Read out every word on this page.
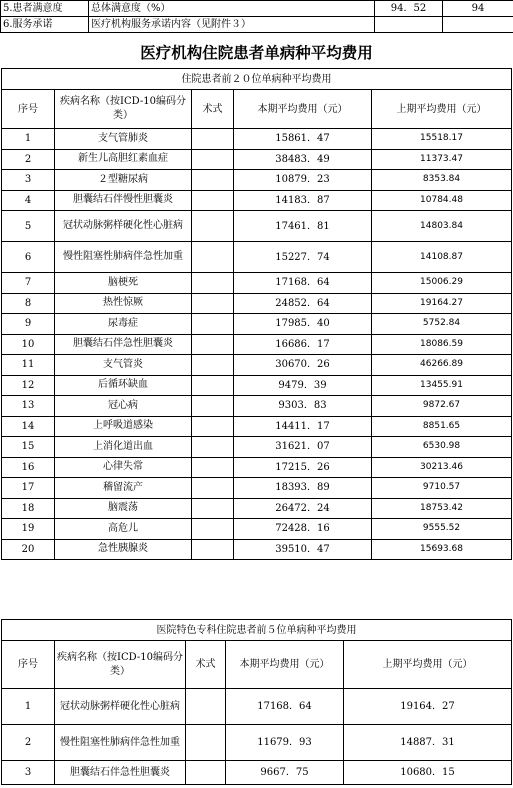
5.患者满意度	总体满意度（%）	94．52	94
6.服务承诺	医疗机构服务承诺内容（见附件３）		
医疗机构住院患者单病种平均费用
住院患者前２０位单病种平均费用				
序号	疾病名称（按ICD-10编码分类）	术式	本期平均费用（元）	上期平均费用（元）
1	支气管肺炎		15861．47	15518.17
2	新生儿高胆红素血症		38483．49	11373.47
3	２型糖尿病		10879．23	8353.84
4	胆囊结石伴慢性胆囊炎		14183．87	10784.48
5	冠状动脉粥样硬化性心脏病		17461．81	14803.84
6	慢性阻塞性肺病伴急性加重		15227．74	14108.87
7	脑梗死		17168．64	15006.29
8	热性惊厥		24852．64	19164.27
9	尿毒症		17985．40	5752.84
10	胆囊结石伴急性胆囊炎		16686．17	18086.59
11	支气管炎		30670．26	46266.89
12	后循环缺血		9479．39	13455.91
13	冠心病		9303．83	9872.67
14	上呼吸道感染		14411．17	8851.65
15	上消化道出血		31621．07	6530.98
16	心律失常		17215．26	30213.46
17	稽留流产		18393．89	9710.57
18	脑震荡		26472．24	18753.42
19	高危儿		72428．16	9555.52
20	急性胰腺炎		39510．47	15693.68
医院特色专科住院患者前５位单病种平均费用				
序号	疾病名称（按ICD-10编码分类）	术式	本期平均费用（元）	上期平均费用（元）
1	冠状动脉粥样硬化性心脏病		17168．64	19164．27
2	慢性阻塞性肺病伴急性加重		11679．93	14887．31
3	胆囊结石伴急性胆囊炎		9667．75	10680．15
